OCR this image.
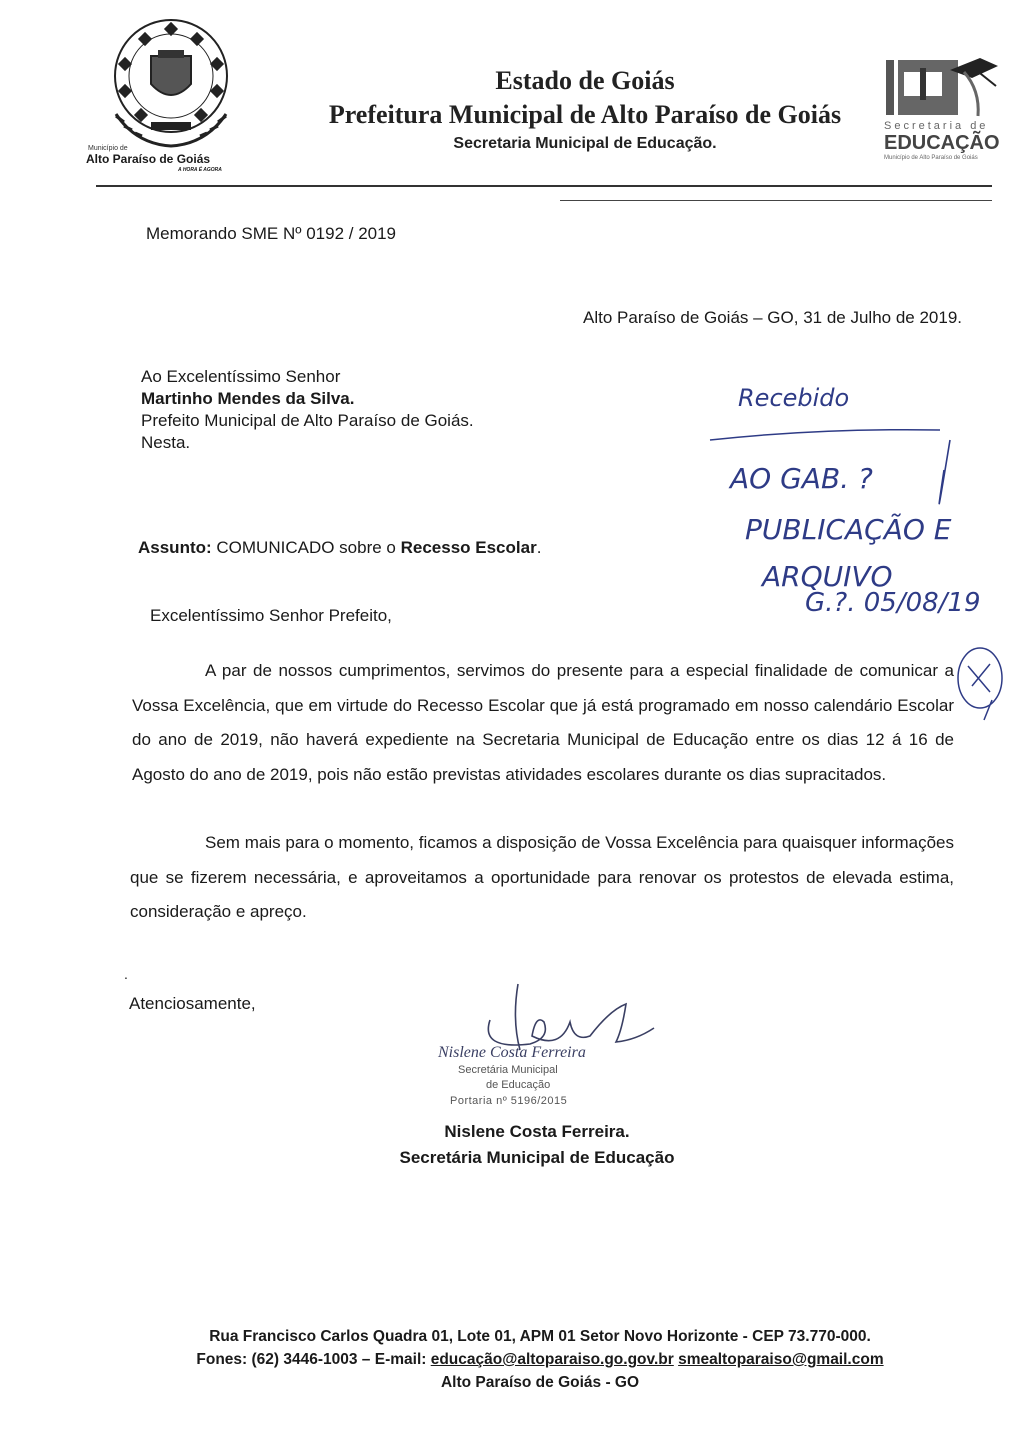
Município de
Alto Paraíso de Goiás
A HORA É AGORA
Estado de Goiás
Prefeitura Municipal de Alto Paraíso de Goiás
Secretaria Municipal de Educação.
Secretaria de
EDUCAÇÃO
Município de Alto Paraíso de Goiás
Memorando SME Nº 0192 / 2019
Alto Paraíso de Goiás – GO, 31 de Julho de 2019.
Ao Excelentíssimo Senhor
Martinho Mendes da Silva.
Prefeito Municipal de Alto Paraíso de Goiás.
Nesta.
Assunto: COMUNICADO sobre o Recesso Escolar.
Excelentíssimo Senhor Prefeito,
A par de nossos cumprimentos, servimos do presente para a especial finalidade de comunicar a Vossa Excelência, que em virtude do Recesso Escolar que já está programado em nosso calendário Escolar do ano de 2019, não haverá expediente na Secretaria Municipal de Educação entre os dias 12 á 16 de Agosto do ano de 2019, pois não estão previstas atividades escolares durante os dias supracitados.
Sem mais para o momento, ficamos a disposição de Vossa Excelência para quaisquer informações que se fizerem necessária, e aproveitamos a oportunidade para renovar os protestos de elevada estima, consideração e apreço.
.
Atenciosamente,
Nislene Costa Ferreira
Secretária Municipal
de Educação
Portaria nº 5196/2015
Nislene Costa Ferreira.
Secretária Municipal de Educação
Recebido
AO GAB. ?
PUBLICAÇÃO E
ARQUIVO
G.?. 05/08/19
Rua Francisco Carlos Quadra 01, Lote 01, APM 01 Setor Novo Horizonte - CEP 73.770-000.
Fones: (62) 3446-1003 – E-mail: educação@altoparaiso.go.gov.br smealtoparaiso@gmail.com
Alto Paraíso de Goiás - GO
